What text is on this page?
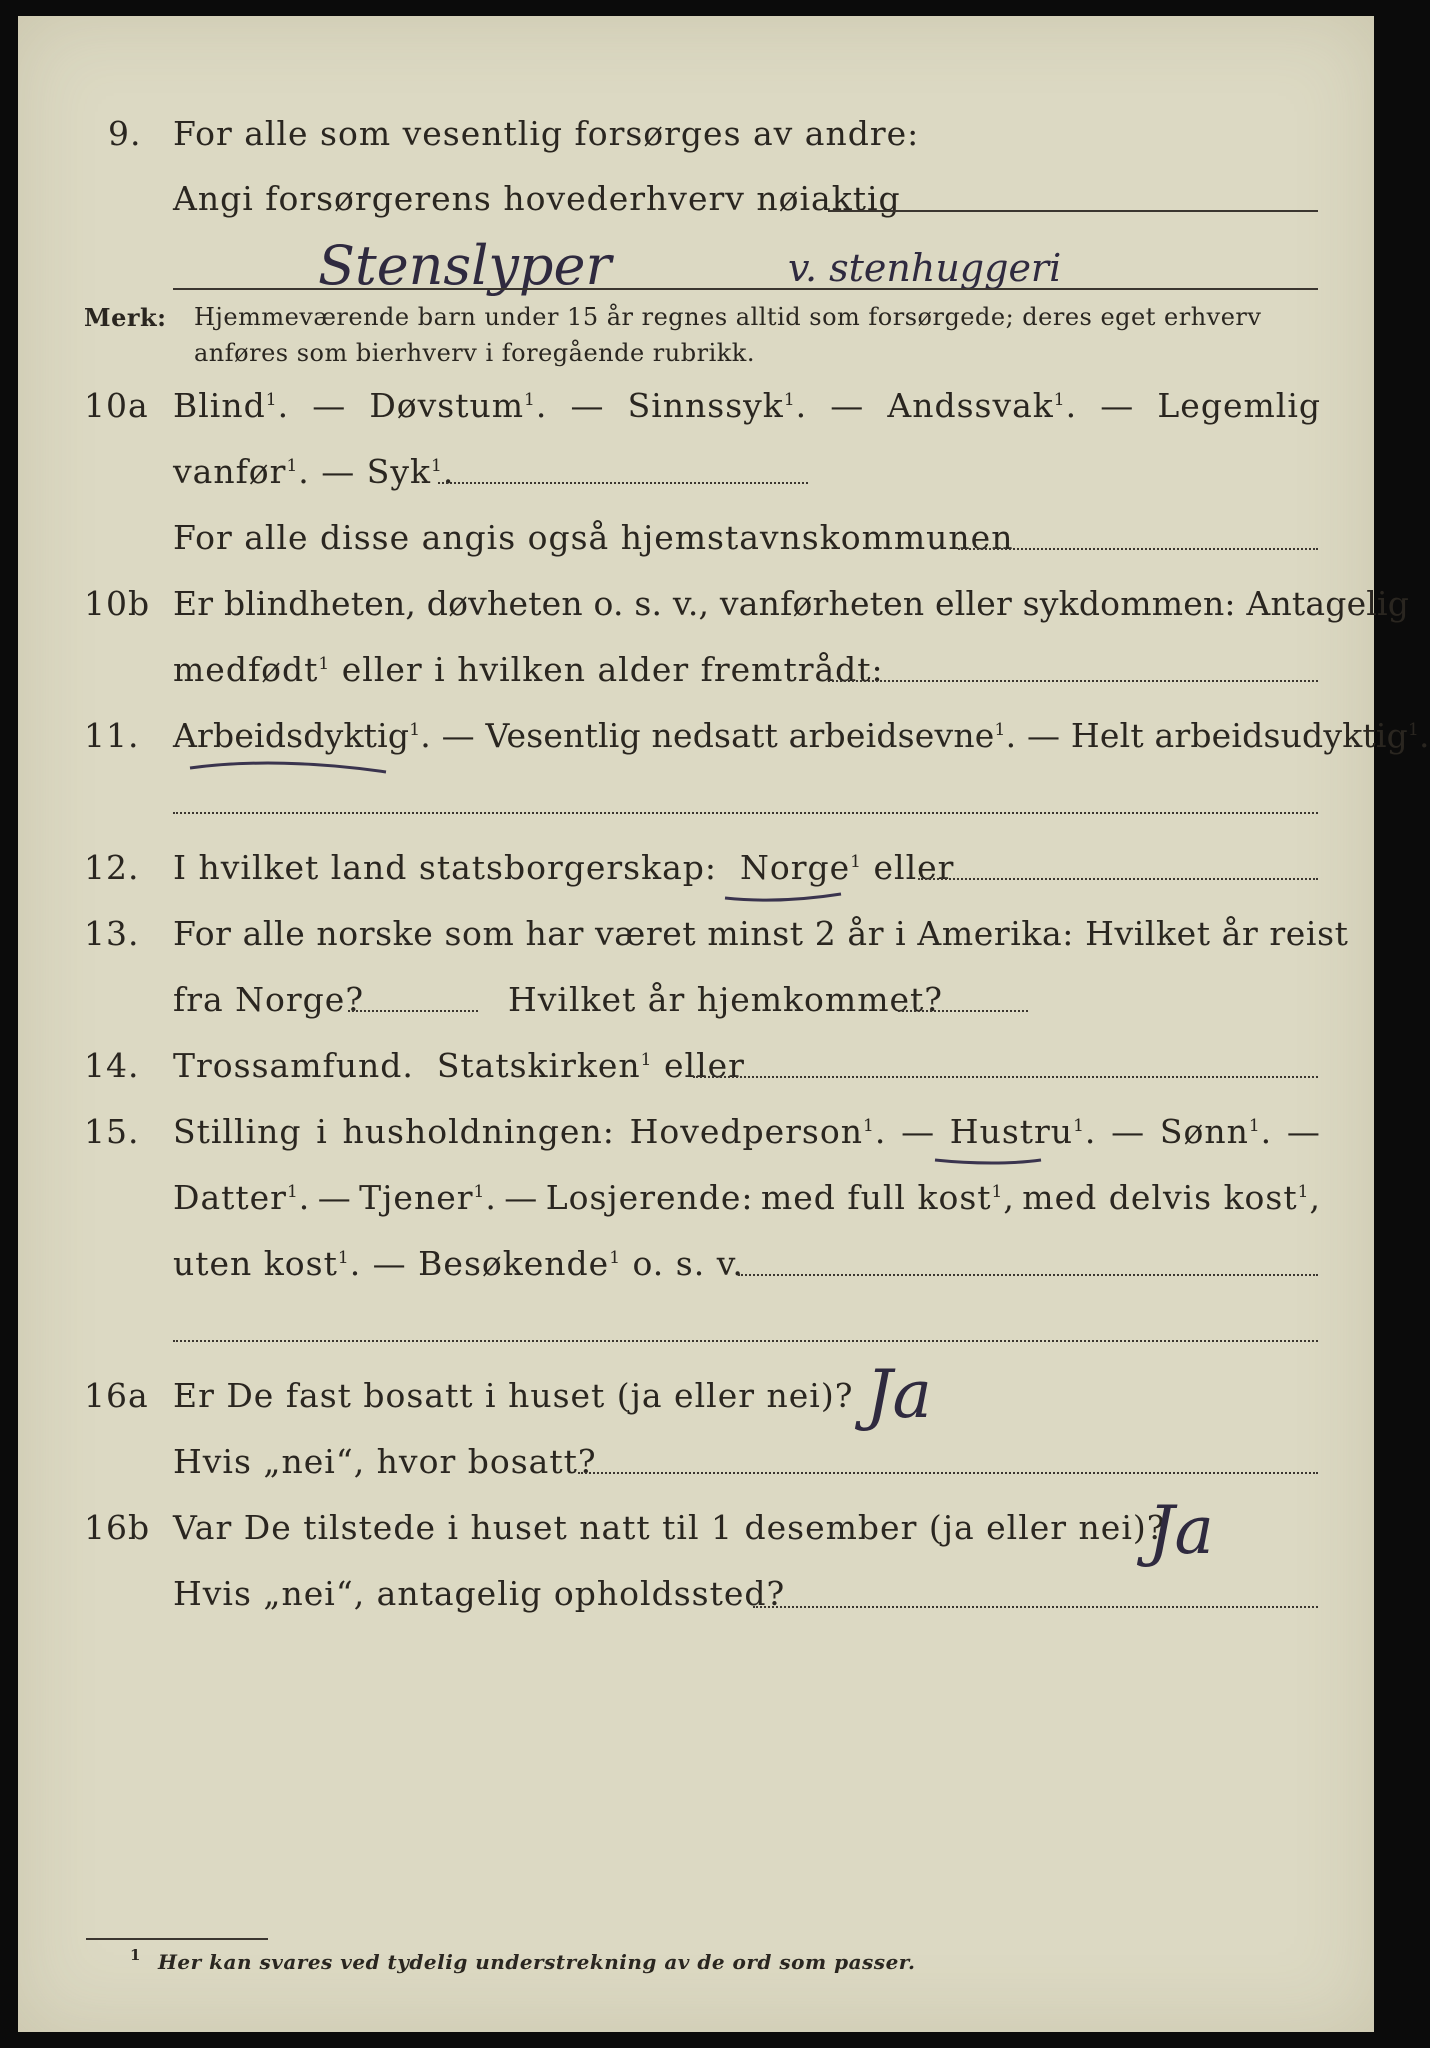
9. For alle som vesentlig forsørges av andre:
Angi forsørgerens hovederhverv nøiaktig
Stenslyper	v. stenhuggeri
Merk: Hjemmeværende barn under 15 år regnes alltid som forsørgede; deres eget erhverv
anføres som bierhverv i foregående rubrikk.
10a Blind$^1$. — Døvstum$^1$. — Sinnssyk$^1$. — Andssvak$^1$. — Legemlig
vanfør$^1$. — Syk$^1$.
For alle disse angis også hjemstavnskommunen
10b Er blindheten, døvheten o. s. v., vanførheten eller sykdommen: Antagelig
medfødt$^1$ eller i hvilken alder fremtrådt:
11. Arbeidsdyktig$^1$. — Vesentlig nedsatt arbeidsevne$^1$. — Helt arbeidsudyktig$^1$.
12. I hvilket land statsborgerskap: Norge$^1$ eller
13. For alle norske som har været minst 2 år i Amerika: Hvilket år reist
fra Norge?	Hvilket år hjemkommet?
14. Trossamfund. Statskirken$^1$ eller
15. Stilling i husholdningen: Hovedperson$^1$. — Hustru$^1$. — Sønn$^1$. —
Datter$^1$. — Tjener$^1$. — Losjerende: med full kost$^1$, med delvis kost$^1$,
uten kost$^1$. — Besøkende$^1$ o. s. v.
16a Er De fast bosatt i huset (ja eller nei)? Ja
Hvis „nei“, hvor bosatt?
16b Var De tilstede i huset natt til 1 desember (ja eller nei)?
Ja
Hvis „nei“, antagelig opholdssted?
1 Her kan svares ved tydelig understrekning av de ord som passer.
